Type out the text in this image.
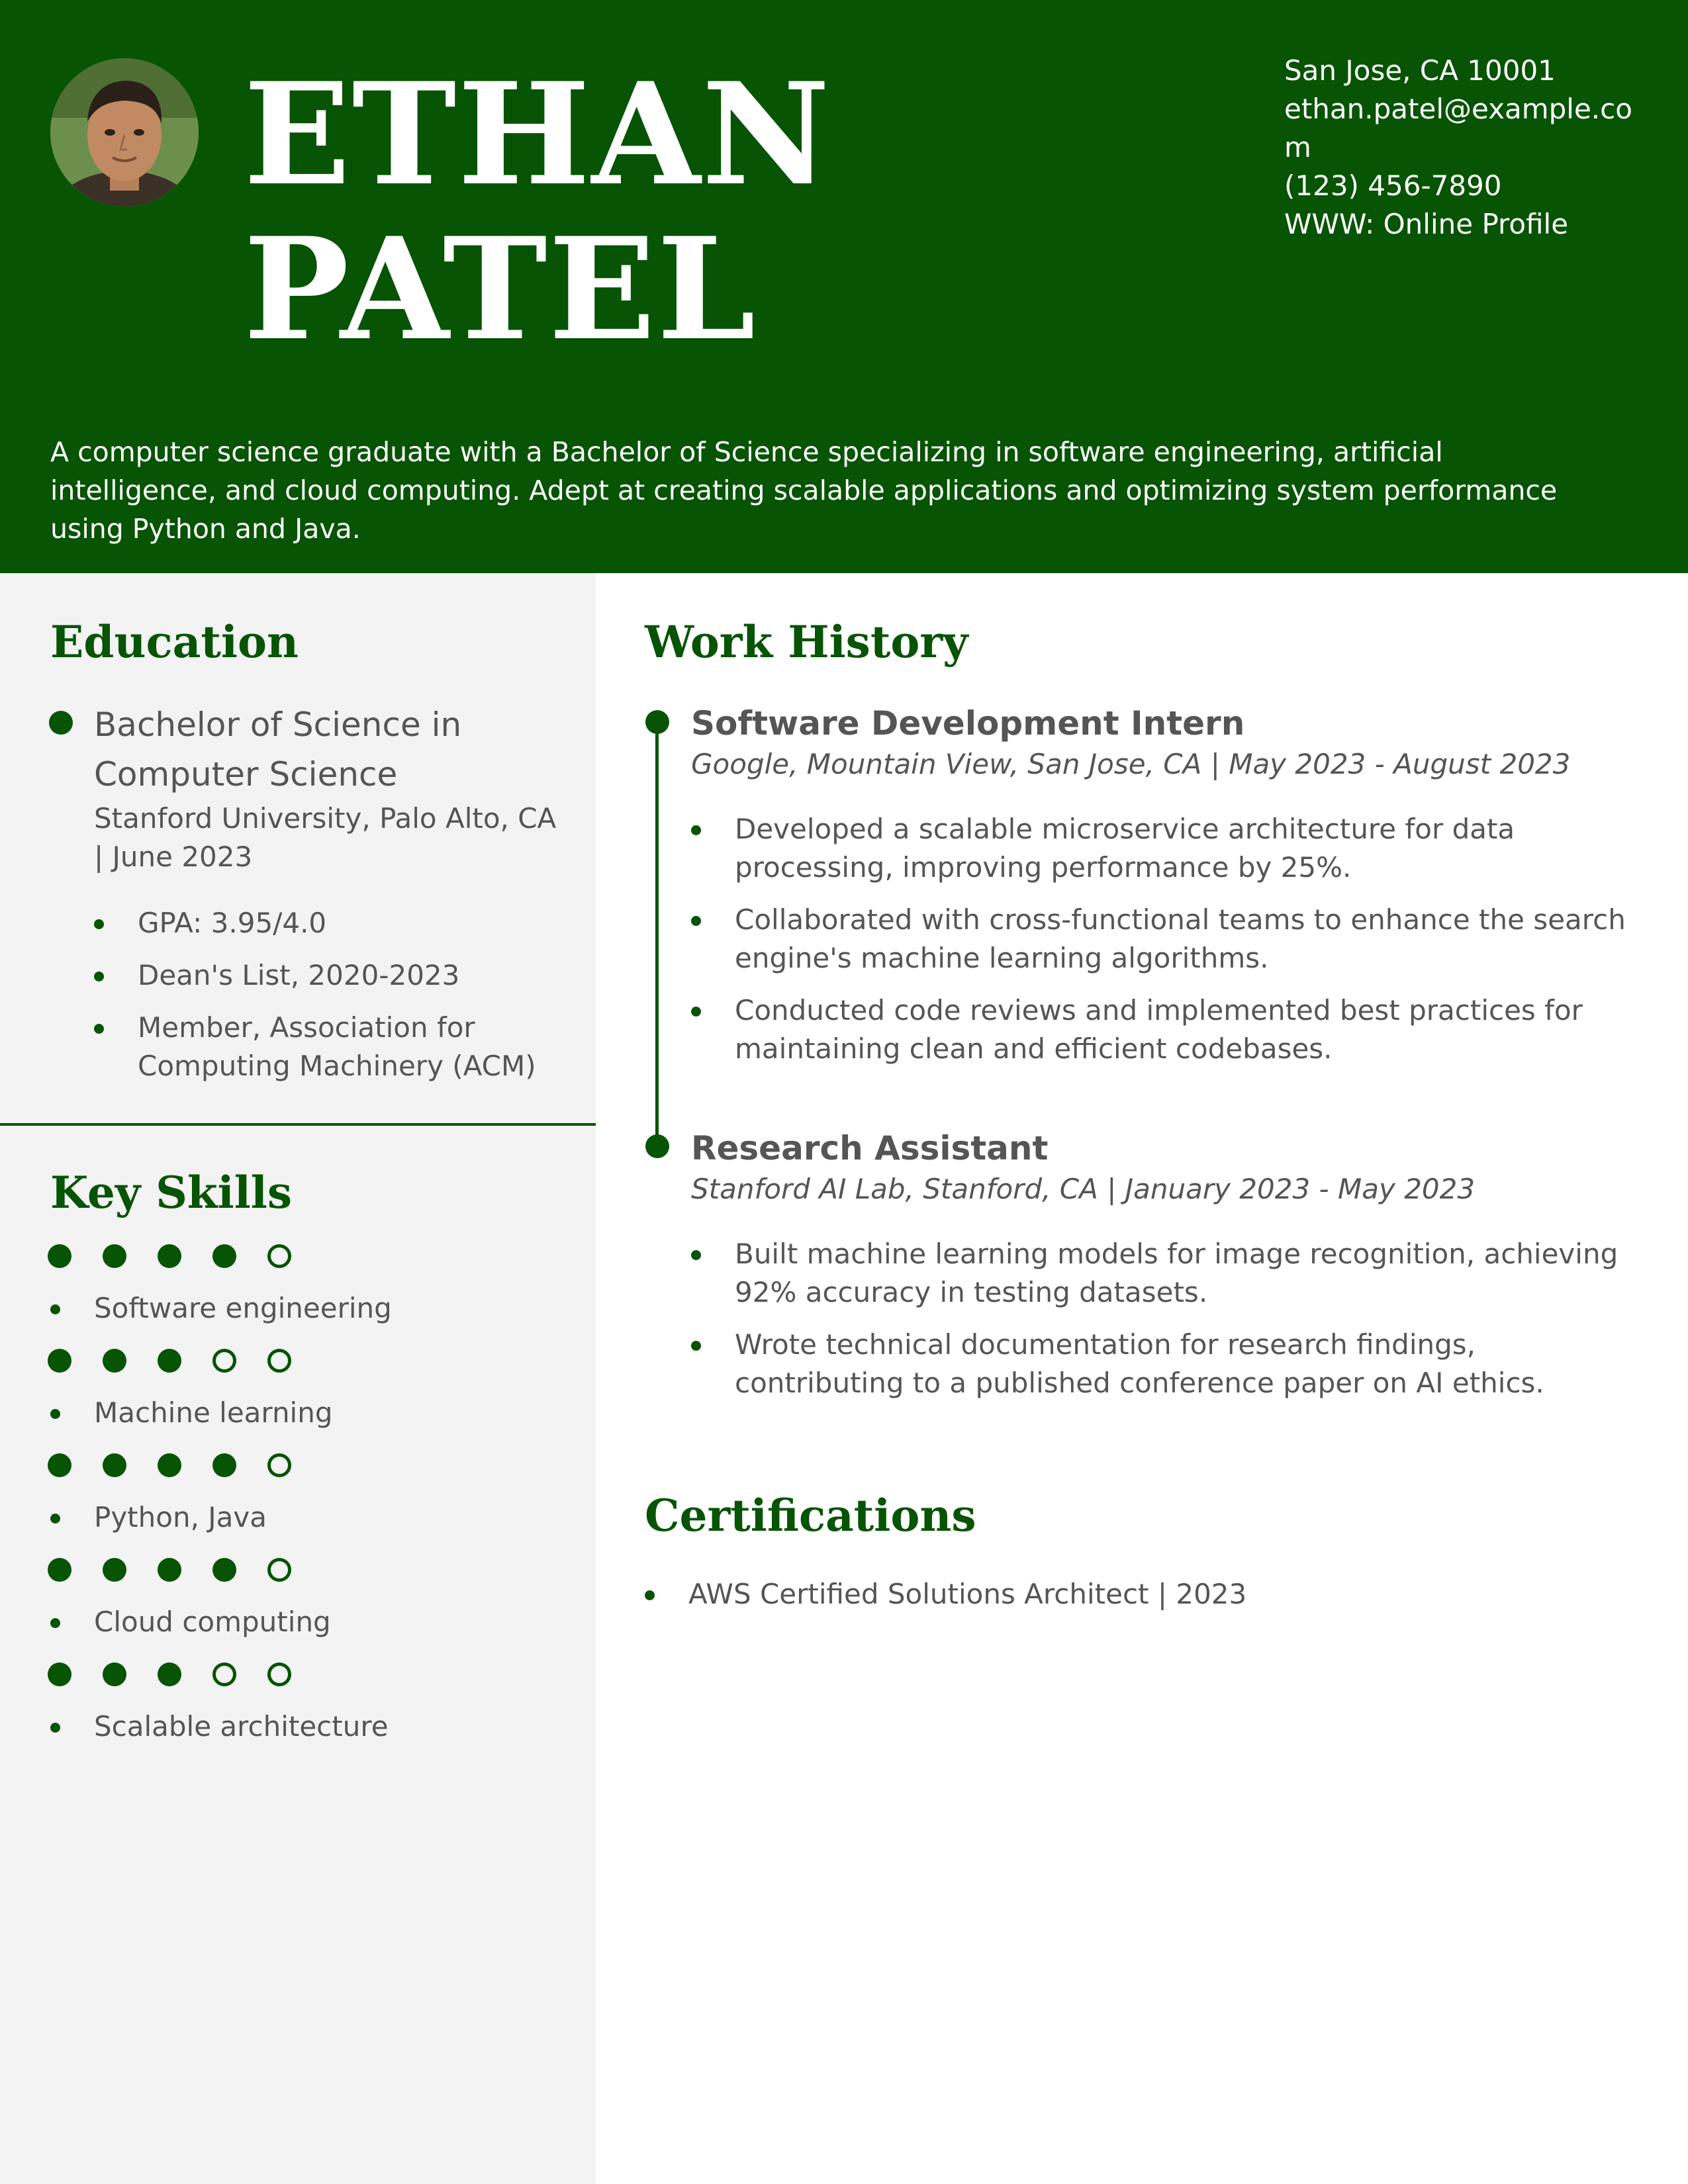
ETHAN
PATEL
San Jose, CA 10001
ethan.patel@example.com
(123) 456-7890
WWW: Online Profile

A computer science graduate with a Bachelor of Science specializing in software engineering, artificial intelligence, and cloud computing. Adept at creating scalable applications and optimizing system performance using Python and Java.

Education
Bachelor of Science in Computer Science
Stanford University, Palo Alto, CA | June 2023
GPA: 3.95/4.0
Dean's List, 2020-2023
Member, Association for Computing Machinery (ACM)
Key Skills
Software engineering
Machine learning
Python, Java
Cloud computing
Scalable architecture
Work History
Software Development Intern
Google, Mountain View, San Jose, CA | May 2023 - August 2023
Developed a scalable microservice architecture for data processing, improving performance by 25%.
Collaborated with cross-functional teams to enhance the search engine's machine learning algorithms.
Conducted code reviews and implemented best practices for maintaining clean and efficient codebases.
Research Assistant
Stanford AI Lab, Stanford, CA | January 2023 - May 2023
Built machine learning models for image recognition, achieving 92% accuracy in testing datasets.
Wrote technical documentation for research findings, contributing to a published conference paper on AI ethics.
Certifications
AWS Certified Solutions Architect | 2023
